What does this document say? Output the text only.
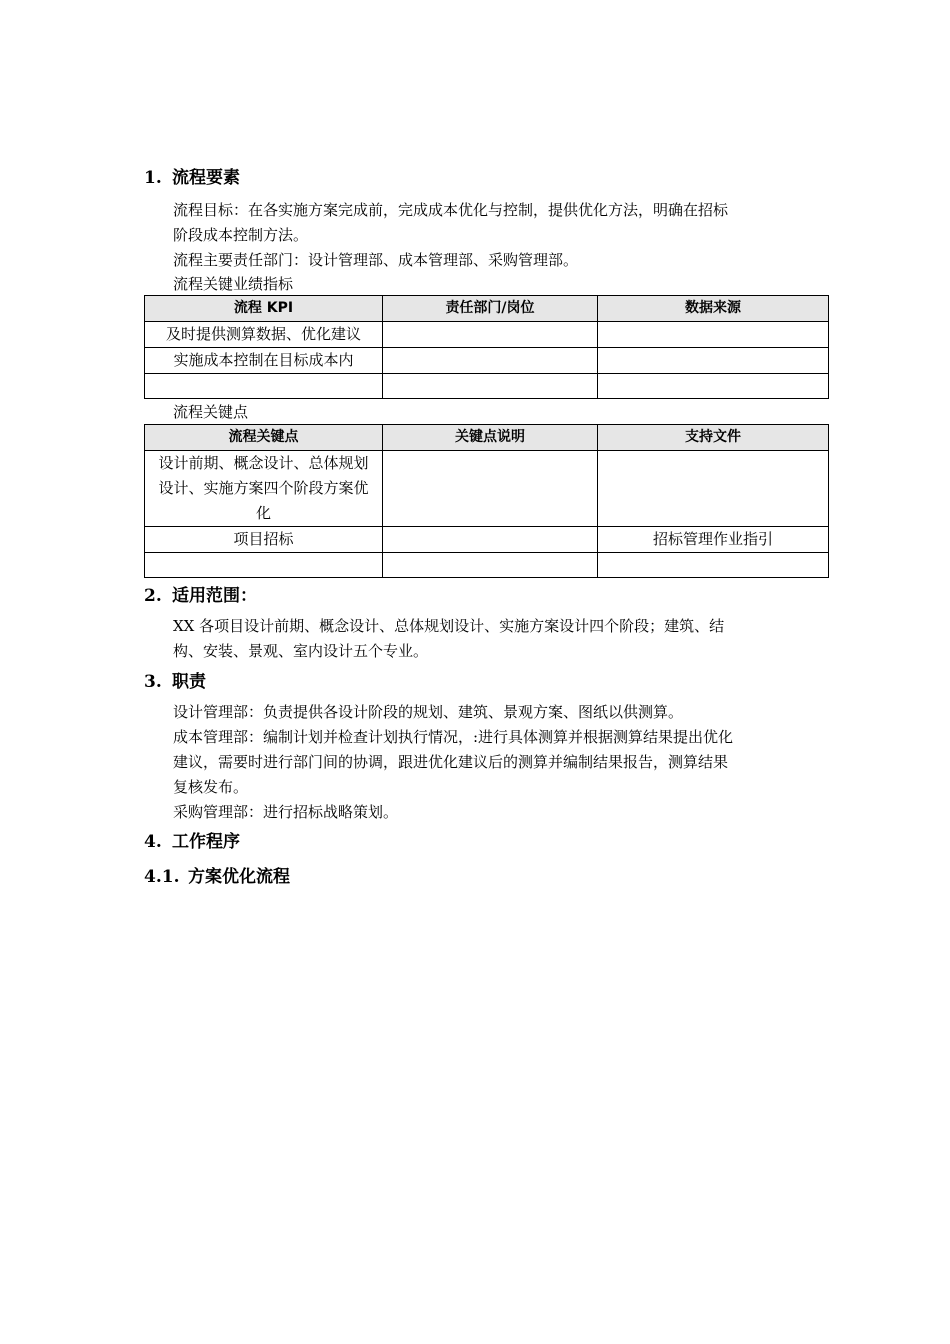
1. 流程要素
流程目标：在各实施方案完成前，完成成本优化与控制，提供优化方法，明确在招标
阶段成本控制方法。
流程主要责任部门：设计管理部、成本管理部、采购管理部。
流程关键业绩指标
流程 KPI	责任部门/岗位	数据来源
及时提供测算数据、优化建议		
实施成本控制在目标成本内		

流程关键点
流程关键点	关键点说明	支持文件
设计前期、概念设计、总体规划设计、实施方案四个阶段方案优化		
项目招标		招标管理作业指引

2. 适用范围：
XX 各项目设计前期、概念设计、总体规划设计、实施方案设计四个阶段；建筑、结
构、安装、景观、室内设计五个专业。
3. 职责
设计管理部：负责提供各设计阶段的规划、建筑、景观方案、图纸以供测算。
成本管理部：编制计划并检查计划执行情况，:进行具体测算并根据测算结果提出优化
建议，需要时进行部门间的协调，跟进优化建议后的测算并编制结果报告，测算结果
复核发布。
采购管理部：进行招标战略策划。
4. 工作程序
4.1. 方案优化流程
